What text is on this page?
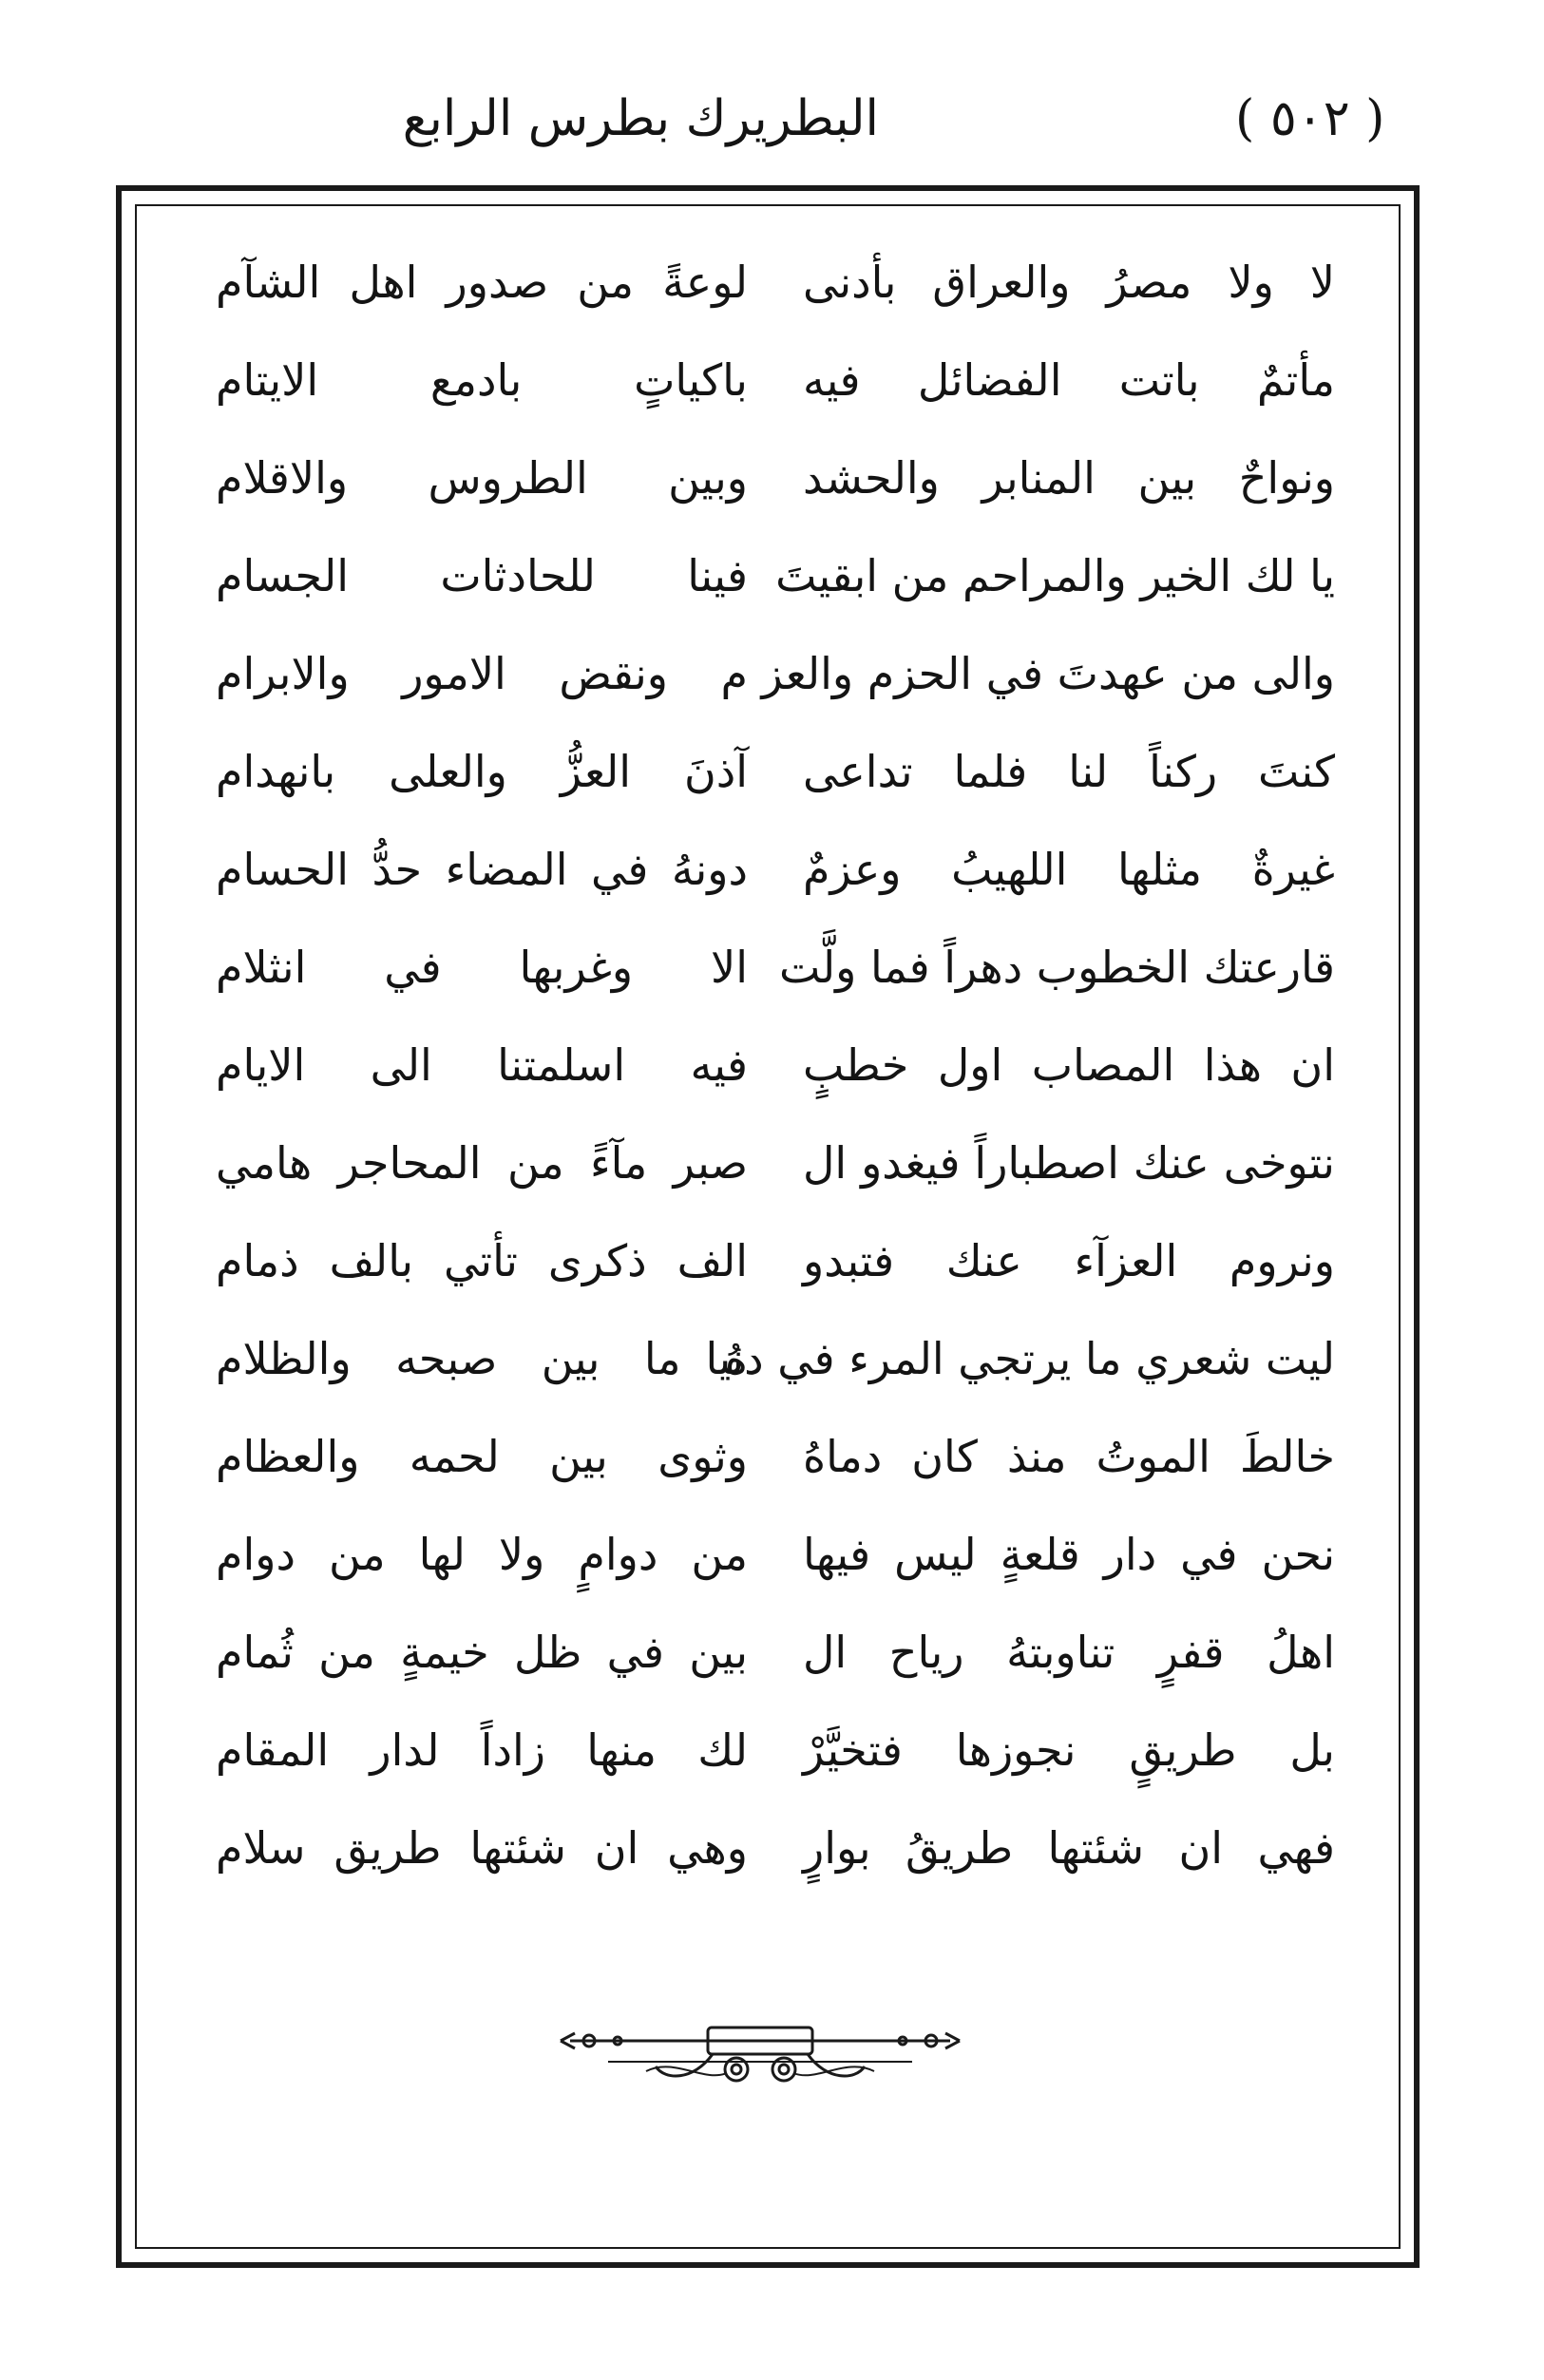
البطريرك بطرس الرابع	( ٥٠٢ )
لا ولا مصرُ والعراق بأدنى
لوعةً من صدور اهل الشآم
مأتمٌ باتت الفضائل فيه
باكياتٍ بادمع الايتام
ونواحٌ بين المنابر والحشد
وبين الطروس والاقلام
يا لك الخير والمراحم من ابقيتَ
فينا للحادثات الجسام
والى من عهدتَ في الحزم والعز
م ونقض الامور والابرام
كنتَ ركناً لنا فلما تداعى
آذنَ العزُّ والعلى بانهدام
غيرةٌ مثلها اللهيبُ وعزمٌ
دونهُ في المضاء حدُّ الحسام
قارعتك الخطوب دهراً فما ولَّت
الا وغربها في انثلام
ان هذا المصاب اول خطبٍ
فيه اسلمتنا الى الايام
نتوخى عنك اصطباراً فيغدو ال
صبر مآءً من المحاجر هامي
ونروم العزآء عنك فتبدو
الف ذكرى تأتي بالف ذمام
ليت شعري ما يرتجي المرء في دنيا
هُ ما بين صبحه والظلام
خالطَ الموتُ منذ كان دماهُ
وثوى بين لحمه والعظام
نحن في دار قلعةٍ ليس فيها
من دوامٍ ولا لها من دوام
اهلُ قفرٍ تناوبتهُ رياح ال
بين في ظل خيمةٍ من ثُمام
بل طريقٍ نجوزها فتخيَّرْ
لك منها زاداً لدار المقام
فهي ان شئتها طريقُ بوارٍ
وهي ان شئتها طريق سلام
